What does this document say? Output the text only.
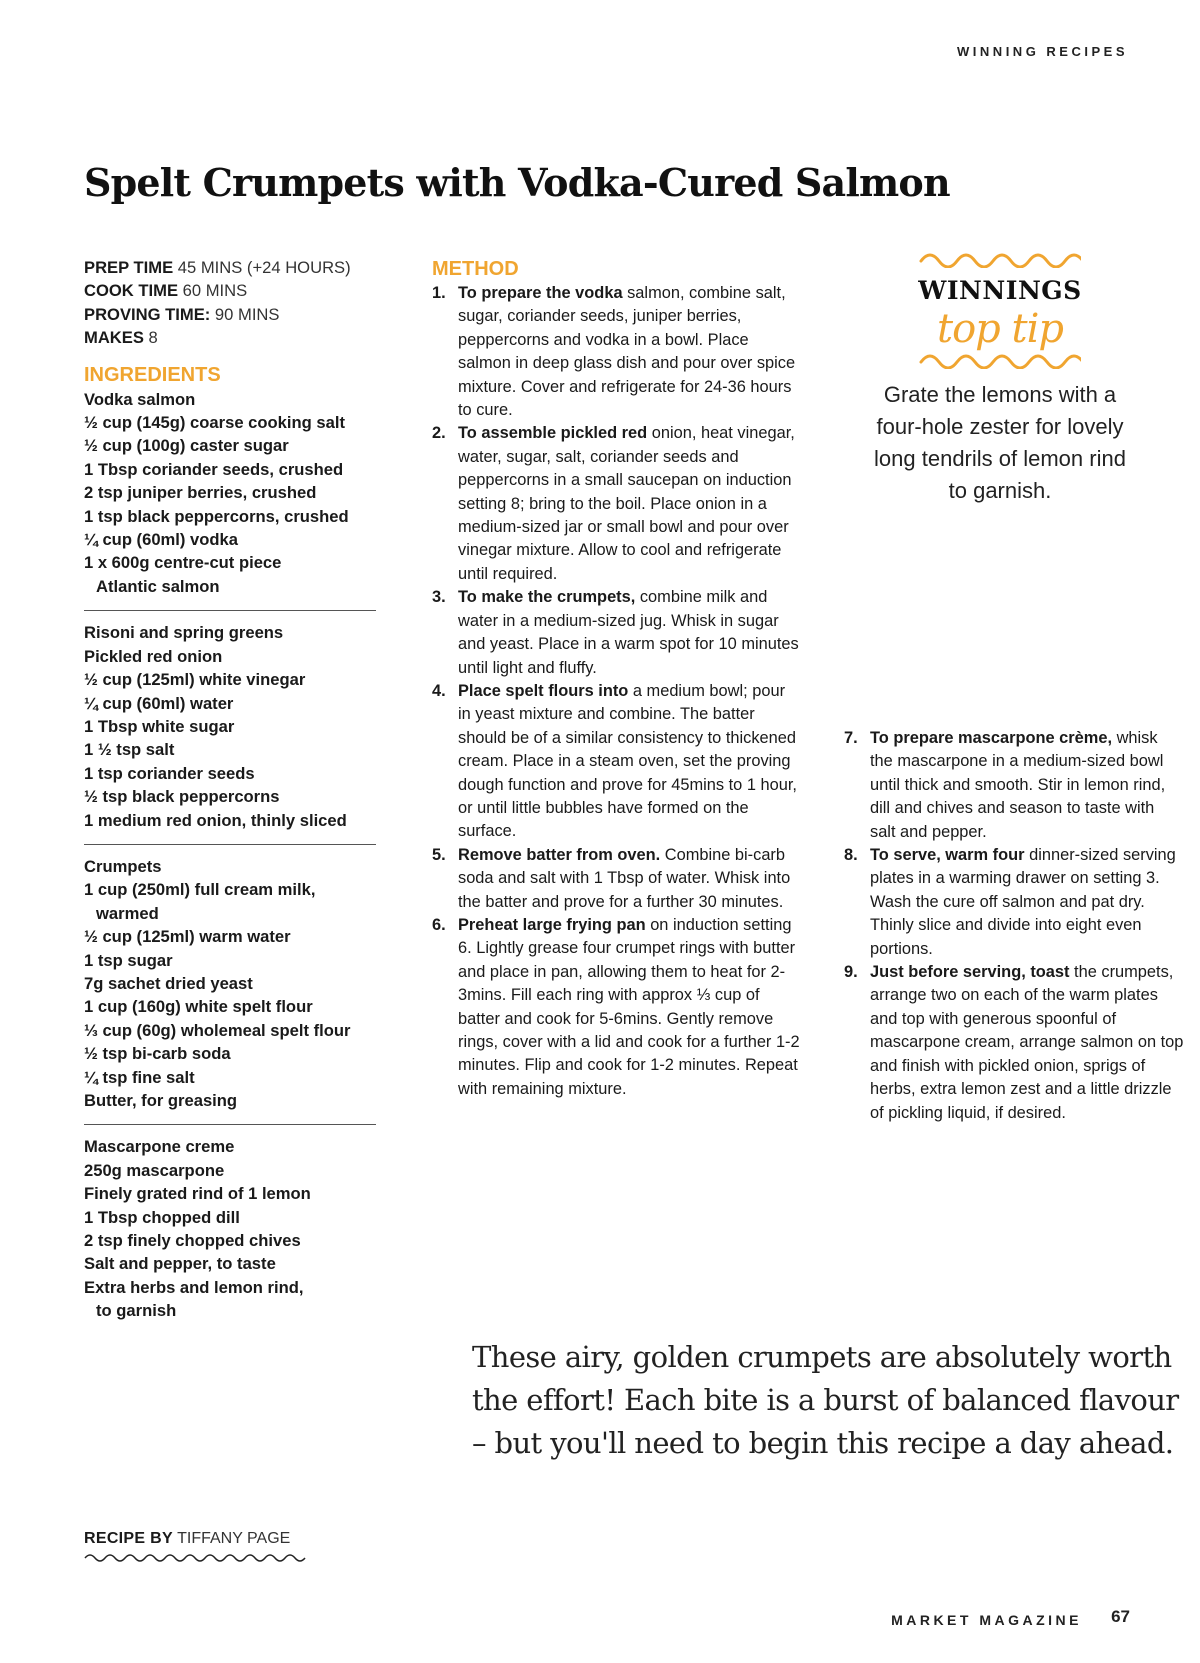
WINNING RECIPES
Spelt Crumpets with Vodka-Cured Salmon
PREP TIME 45 MINS (+24 HOURS)
COOK TIME 60 MINS
PROVING TIME: 90 MINS
MAKES 8
INGREDIENTS
Vodka salmon
½ cup (145g) coarse cooking salt
½ cup (100g) caster sugar
1 Tbsp coriander seeds, crushed
2 tsp juniper berries, crushed
1 tsp black peppercorns, crushed
¼ cup (60ml) vodka
1 x 600g centre-cut piece Atlantic salmon
Risoni and spring greens
Pickled red onion
½ cup (125ml) white vinegar
¼ cup (60ml) water
1 Tbsp white sugar
1 ½ tsp salt
1 tsp coriander seeds
½ tsp black peppercorns
1 medium red onion, thinly sliced
Crumpets
1 cup (250ml) full cream milk, warmed
½ cup (125ml) warm water
1 tsp sugar
7g sachet dried yeast
1 cup (160g) white spelt flour
⅓ cup (60g) wholemeal spelt flour
½ tsp bi-carb soda
¼ tsp fine salt
Butter, for greasing
Mascarpone creme
250g mascarpone
Finely grated rind of 1 lemon
1 Tbsp chopped dill
2 tsp finely chopped chives
Salt and pepper, to taste
Extra herbs and lemon rind, to garnish
METHOD
1. To prepare the vodka salmon, combine salt, sugar, coriander seeds, juniper berries, peppercorns and vodka in a bowl. Place salmon in deep glass dish and pour over spice mixture. Cover and refrigerate for 24-36 hours to cure.
2. To assemble pickled red onion, heat vinegar, water, sugar, salt, coriander seeds and peppercorns in a small saucepan on induction setting 8; bring to the boil. Place onion in a medium-sized jar or small bowl and pour over vinegar mixture. Allow to cool and refrigerate until required.
3. To make the crumpets, combine milk and water in a medium-sized jug. Whisk in sugar and yeast. Place in a warm spot for 10 minutes until light and fluffy.
4. Place spelt flours into a medium bowl; pour in yeast mixture and combine. The batter should be of a similar consistency to thickened cream. Place in a steam oven, set the proving dough function and prove for 45mins to 1 hour, or until little bubbles have formed on the surface.
5. Remove batter from oven. Combine bi-carb soda and salt with 1 Tbsp of water. Whisk into the batter and prove for a further 30 minutes.
6. Preheat large frying pan on induction setting 6. Lightly grease four crumpet rings with butter and place in pan, allowing them to heat for 2-3mins. Fill each ring with approx ⅓ cup of batter and cook for 5-6mins. Gently remove rings, cover with a lid and cook for a further 1-2 minutes. Flip and cook for 1-2 minutes. Repeat with remaining mixture.
7. To prepare mascarpone crème, whisk the mascarpone in a medium-sized bowl until thick and smooth. Stir in lemon rind, dill and chives and season to taste with salt and pepper.
8. To serve, warm four dinner-sized serving plates in a warming drawer on setting 3. Wash the cure off salmon and pat dry. Thinly slice and divide into eight even portions.
9. Just before serving, toast the crumpets, arrange two on each of the warm plates and top with generous spoonful of mascarpone cream, arrange salmon on top and finish with pickled onion, sprigs of herbs, extra lemon zest and a little drizzle of pickling liquid, if desired.
WINNINGS
top tip
Grate the lemons with a four-hole zester for lovely long tendrils of lemon rind to garnish.
These airy, golden crumpets are absolutely worth the effort! Each bite is a burst of balanced flavour – but you'll need to begin this recipe a day ahead.
RECIPE BY TIFFANY PAGE
MARKET MAGAZINE 67
